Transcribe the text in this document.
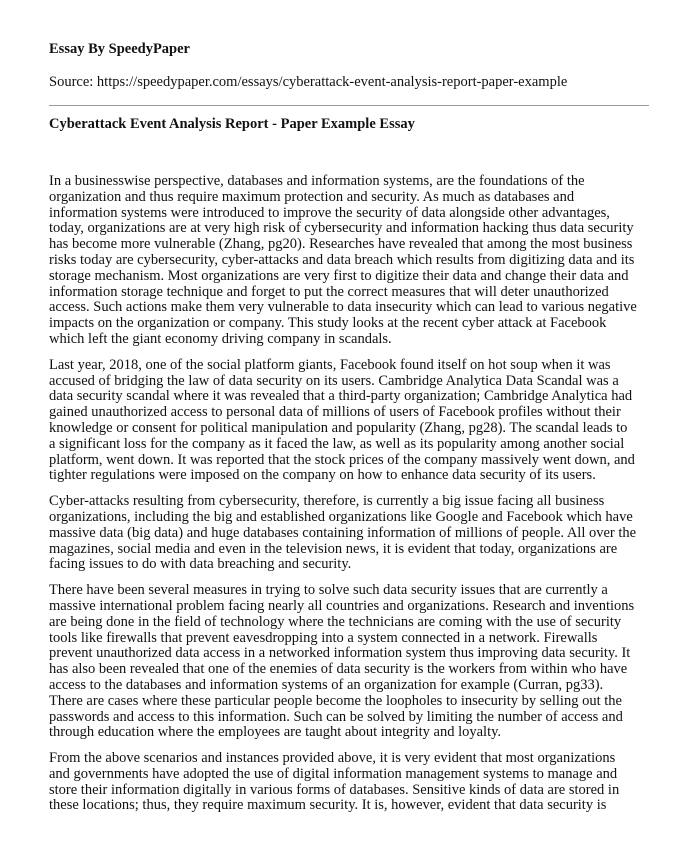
Essay By SpeedyPaper
Source: https://speedypaper.com/essays/cyberattack-event-analysis-report-paper-example
Cyberattack Event Analysis Report - Paper Example Essay

In a businesswise perspective, databases and information systems, are the foundations of the organization and thus require maximum protection and security. As much as databases and information systems were introduced to improve the security of data alongside other advantages, today, organizations are at very high risk of cybersecurity and information hacking thus data security has become more vulnerable (Zhang, pg20). Researches have revealed that among the most business risks today are cybersecurity, cyber-attacks and data breach which results from digitizing data and its storage mechanism. Most organizations are very first to digitize their data and change their data and information storage technique and forget to put the correct measures that will deter unauthorized access. Such actions make them very vulnerable to data insecurity which can lead to various negative impacts on the organization or company. This study looks at the recent cyber attack at Facebook which left the giant economy driving company in scandals.

Last year, 2018, one of the social platform giants, Facebook found itself on hot soup when it was accused of bridging the law of data security on its users. Cambridge Analytica Data Scandal was a data security scandal where it was revealed that a third-party organization; Cambridge Analytica had gained unauthorized access to personal data of millions of users of Facebook profiles without their knowledge or consent for political manipulation and popularity (Zhang, pg28). The scandal leads to a significant loss for the company as it faced the law, as well as its popularity among another social platform, went down. It was reported that the stock prices of the company massively went down, and tighter regulations were imposed on the company on how to enhance data security of its users.

Cyber-attacks resulting from cybersecurity, therefore, is currently a big issue facing all business organizations, including the big and established organizations like Google and Facebook which have massive data (big data) and huge databases containing information of millions of people. All over the magazines, social media and even in the television news, it is evident that today, organizations are facing issues to do with data breaching and security.

There have been several measures in trying to solve such data security issues that are currently a massive international problem facing nearly all countries and organizations. Research and inventions are being done in the field of technology where the technicians are coming with the use of security tools like firewalls that prevent eavesdropping into a system connected in a network. Firewalls prevent unauthorized data access in a networked information system thus improving data security. It has also been revealed that one of the enemies of data security is the workers from within who have access to the databases and information systems of an organization for example (Curran, pg33). There are cases where these particular people become the loopholes to insecurity by selling out the passwords and access to this information. Such can be solved by limiting the number of access and through education where the employees are taught about integrity and loyalty.

From the above scenarios and instances provided above, it is very evident that most organizations and governments have adopted the use of digital information management systems to manage and store their information digitally in various forms of databases. Sensitive kinds of data are stored in these locations; thus, they require maximum security. It is, however, evident that data security is
